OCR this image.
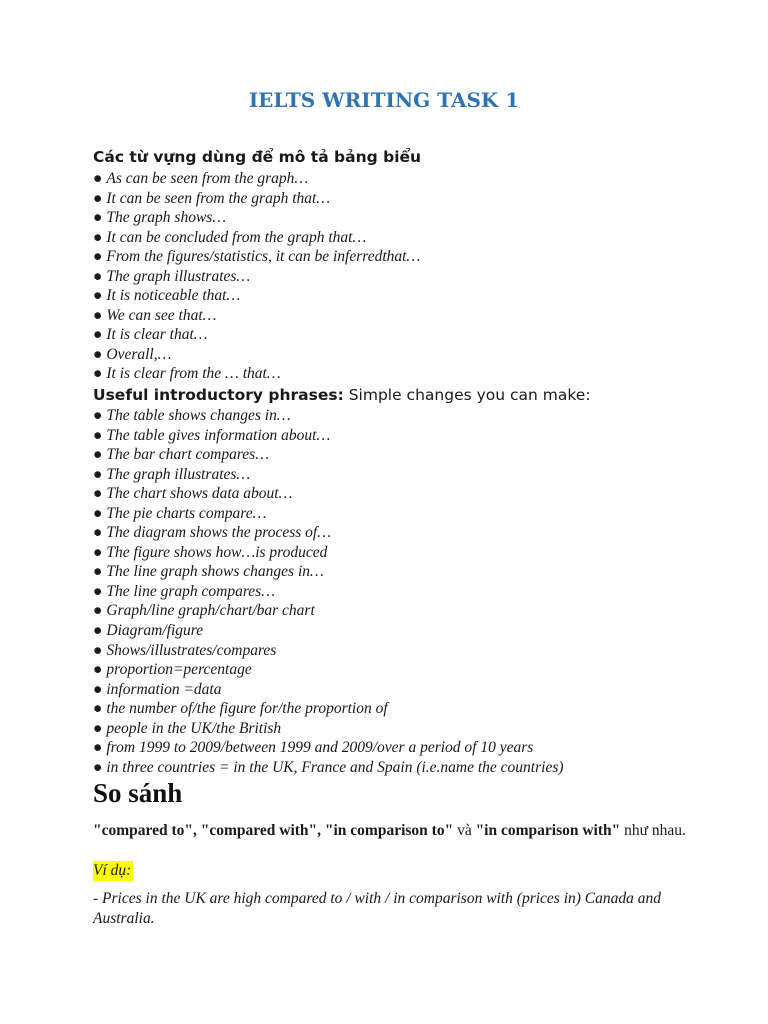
IELTS WRITING TASK 1
Các từ vựng dùng để mô tả bảng biểu
● As can be seen from the graph…
● It can be seen from the graph that…
● The graph shows…
● It can be concluded from the graph that…
● From the figures/statistics, it can be inferredthat…
● The graph illustrates…
● It is noticeable that…
● We can see that…
● It is clear that…
● Overall,…
● It is clear from the … that…
Useful introductory phrases: Simple changes you can make:
● The table shows changes in…
● The table gives information about…
● The bar chart compares…
● The graph illustrates…
● The chart shows data about…
● The pie charts compare…
● The diagram shows the process of…
● The figure shows how…is produced
● The line graph shows changes in…
● The line graph compares…
● Graph/line graph/chart/bar chart
● Diagram/figure
● Shows/illustrates/compares
● proportion=percentage
● information =data
● the number of/the figure for/the proportion of
● people in the UK/the British
● from 1999 to 2009/between 1999 and 2009/over a period of 10 years
● in three countries = in the UK, France and Spain (i.e.name the countries)
So sánh

"compared to", "compared with", "in comparison to" và "in comparison with" như nhau.

Ví dụ:

- Prices in the UK are high compared to / with / in comparison with (prices in) Canada and Australia.
